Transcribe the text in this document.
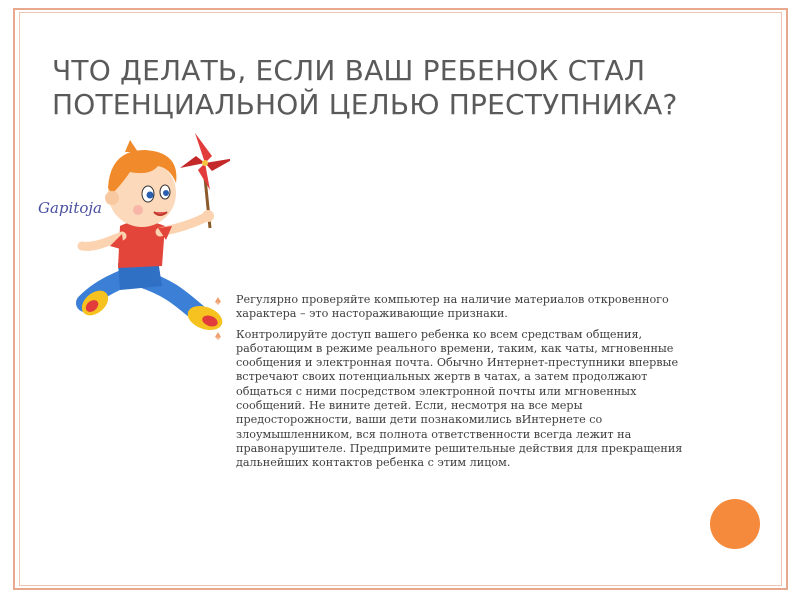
ЧТО ДЕЛАТЬ, ЕСЛИ ВАШ РЕБЕНОК СТАЛ
ПОТЕНЦИАЛЬНОЙ ЦЕЛЬЮ ПРЕСТУПНИКА?
Gapitoja
Регулярно проверяйте компьютер на наличие материалов откровенного характера – это настораживающие признаки.
Контролируйте доступ вашего ребенка ко всем средствам общения, работающим в режиме реального времени, таким, как чаты, мгновенные сообщения и электронная почта. Обычно Интернет-преступники впервые встречают своих потенциальных жертв в чатах, а затем продолжают общаться с ними посредством электронной почты или мгновенных сообщений. Не вините детей. Если, несмотря на все меры предосторожности, ваши дети познакомились вИнтернете со злоумышленником, вся полнота ответственности всегда лежит на правонарушителе. Предпримите решительные действия для прекращения дальнейших контактов ребенка с этим лицом.
